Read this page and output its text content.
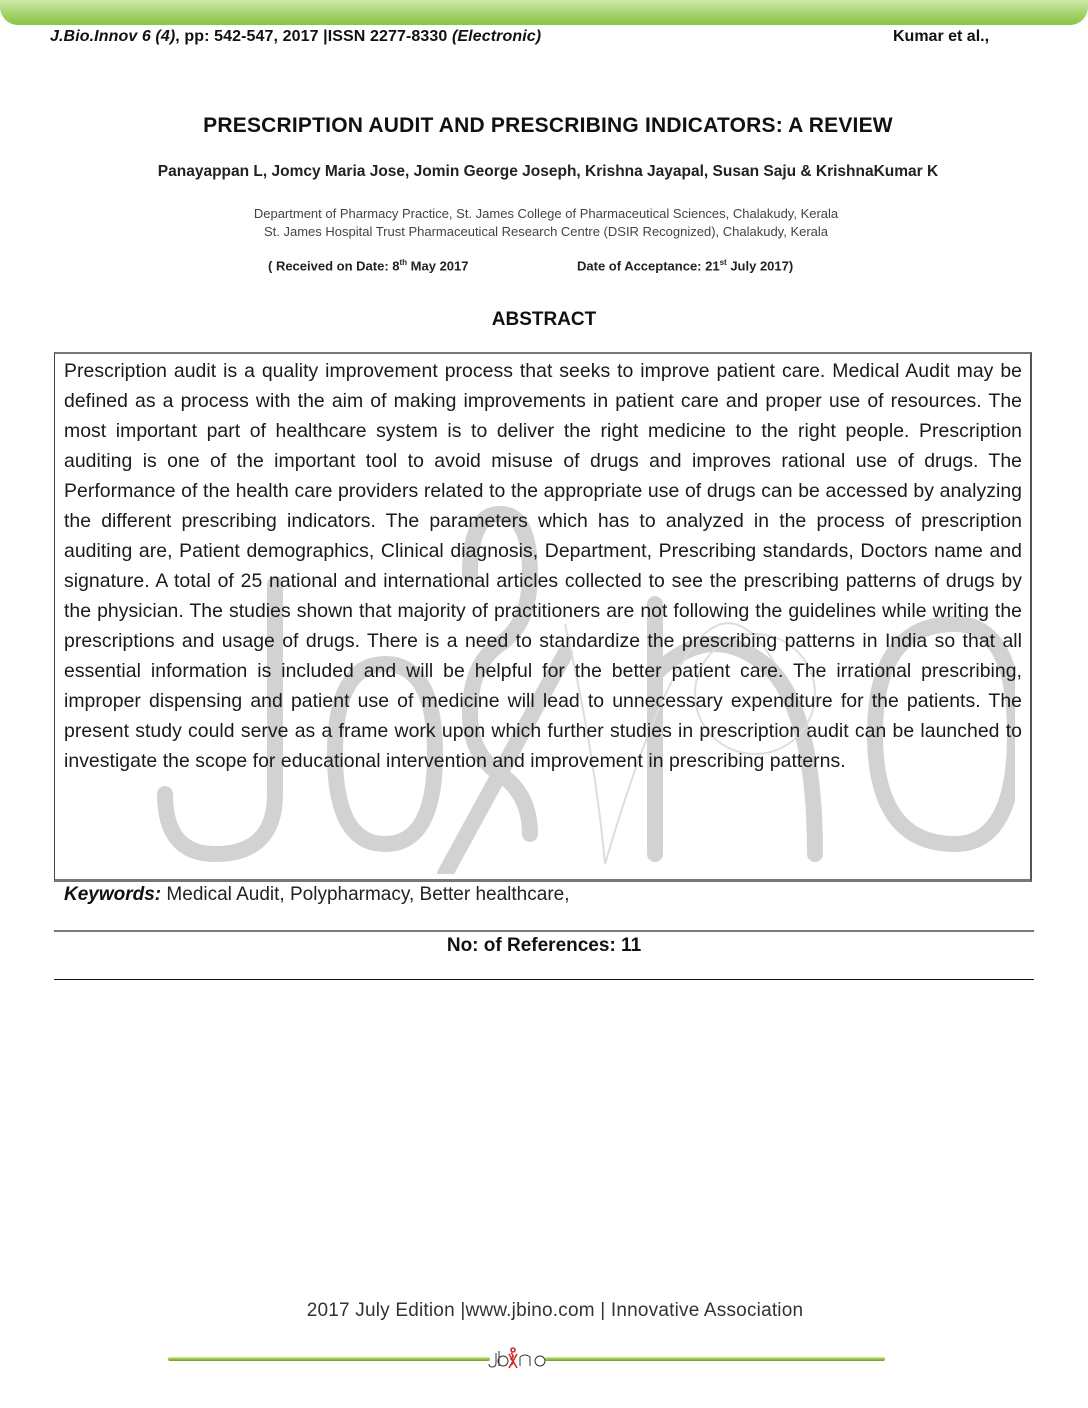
J.Bio.Innov 6 (4), pp: 542-547, 2017 |ISSN 2277-8330 (Electronic)	Kumar et al.,
PRESCRIPTION AUDIT AND PRESCRIBING INDICATORS: A REVIEW
Panayappan L, Jomcy Maria Jose, Jomin George Joseph, Krishna Jayapal, Susan Saju & KrishnaKumar K
Department of Pharmacy Practice, St. James College of Pharmaceutical Sciences, Chalakudy, Kerala
St. James Hospital Trust Pharmaceutical Research Centre (DSIR Recognized), Chalakudy, Kerala
( Received on Date: 8th May 2017	Date of Acceptance: 21st July 2017)
ABSTRACT
Prescription audit is a quality improvement process that seeks to improve patient care. Medical Audit may be defined as a process with the aim of making improvements in patient care and proper use of resources. The most important part of healthcare system is to deliver the right medicine to the right people. Prescription auditing is one of the important tool to avoid misuse of drugs and improves rational use of drugs. The Performance of the health care providers related to the appropriate use of drugs can be accessed by analyzing the different prescribing indicators. The parameters which has to analyzed in the process of prescription auditing are, Patient demographics, Clinical diagnosis, Department, Prescribing standards, Doctors name and signature. A total of 25 national and international articles collected to see the prescribing patterns of drugs by the physician. The studies shown that majority of practitioners are not following the guidelines while writing the prescriptions and usage of drugs. There is a need to standardize the prescribing patterns in India so that all essential information is included and will be helpful for the better patient care. The irrational prescribing, improper dispensing and patient use of medicine will lead to unnecessary expenditure for the patients. The present study could serve as a frame work upon which further studies in prescription audit can be launched to investigate the scope for educational intervention and improvement in prescribing patterns.
Keywords: Medical Audit, Polypharmacy, Better healthcare,
No: of References: 11
2017 July Edition |www.jbino.com | Innovative Association
